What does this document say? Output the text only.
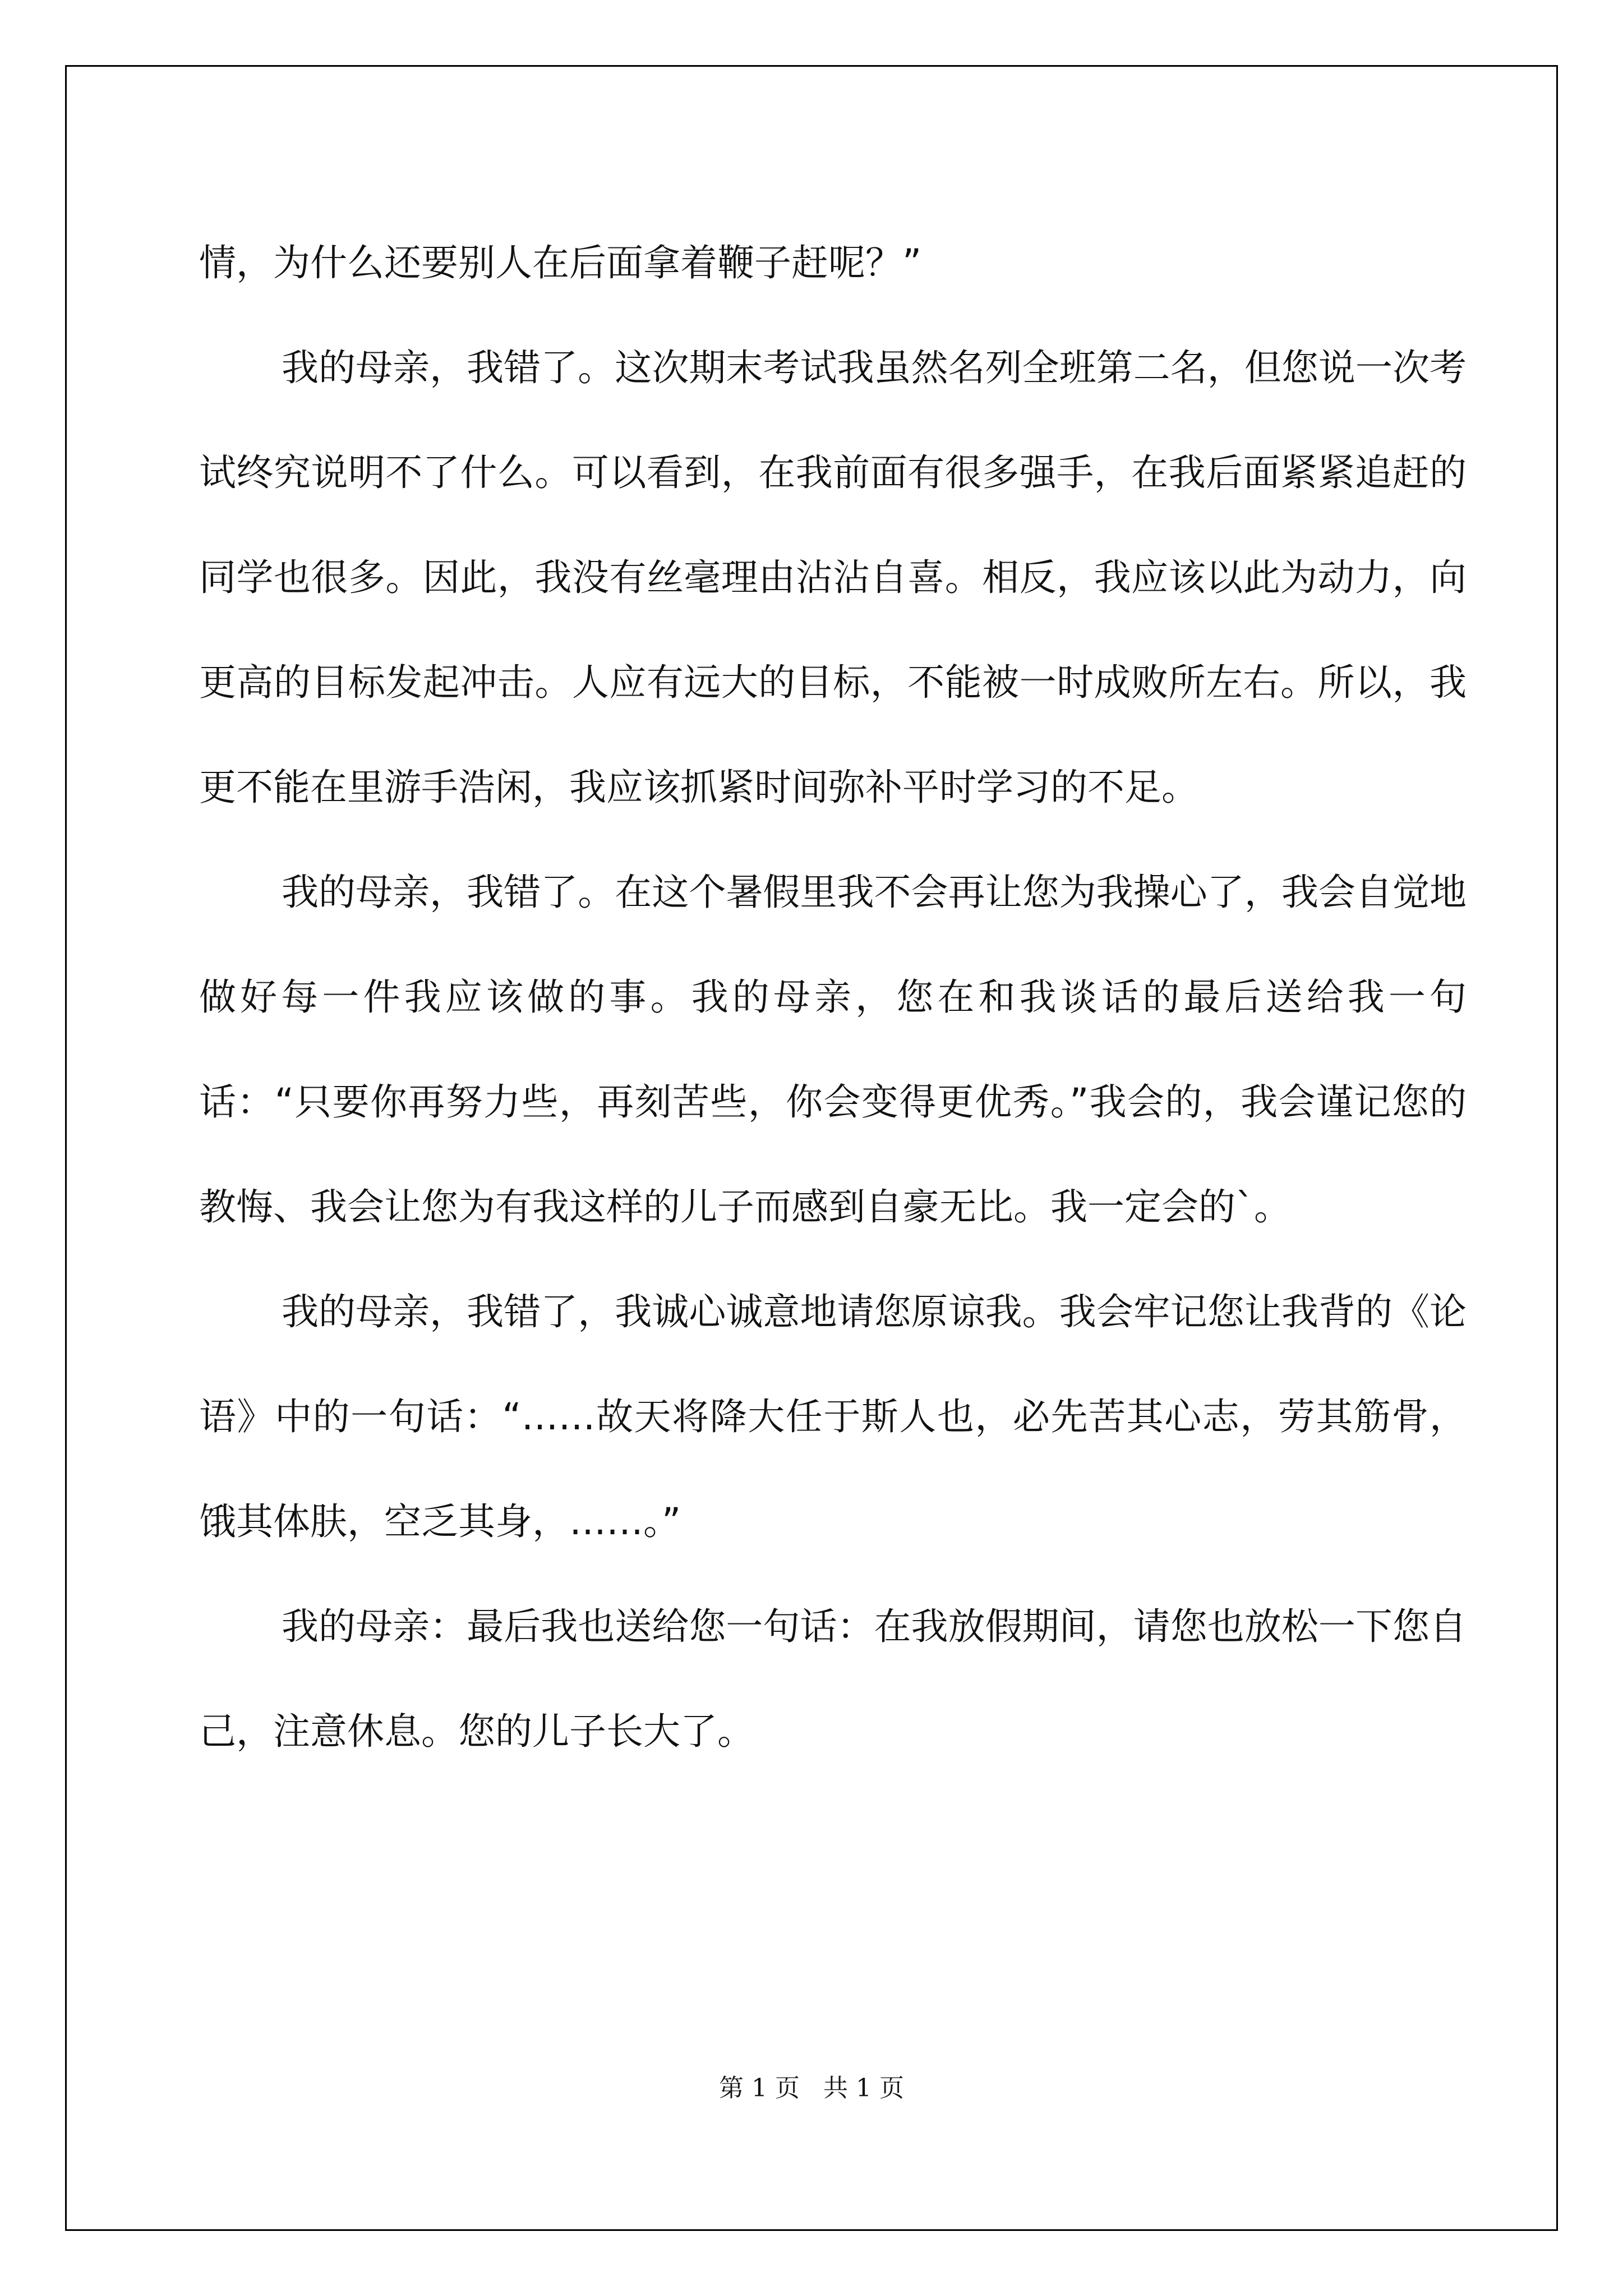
情，为什么还要别人在后面拿着鞭子赶呢？”

我的母亲，我错了。这次期末考试我虽然名列全班第二名，但您说一次考试终究说明不了什么。可以看到，在我前面有很多强手，在我后面紧紧追赶的同学也很多。因此，我没有丝毫理由沾沾自喜。相反，我应该以此为动力，向更高的目标发起冲击。人应有远大的目标，不能被一时成败所左右。所以，我更不能在里游手浩闲，我应该抓紧时间弥补平时学习的不足。

我的母亲，我错了。在这个暑假里我不会再让您为我操心了，我会自觉地做好每一件我应该做的事。我的母亲，您在和我谈话的最后送给我一句话：“只要你再努力些，再刻苦些，你会变得更优秀。”我会的，我会谨记您的教悔、我会让您为有我这样的儿子而感到自豪无比。我一定会的`。

我的母亲，我错了，我诚心诚意地请您原谅我。我会牢记您让我背的《论语》中的一句话：“……故天将降大任于斯人也，必先苦其心志，劳其筋骨，饿其体肤，空乏其身，……。”

我的母亲：最后我也送给您一句话：在我放假期间，请您也放松一下您自己，注意休息。您的儿子长大了。

第 1 页   共 1 页
